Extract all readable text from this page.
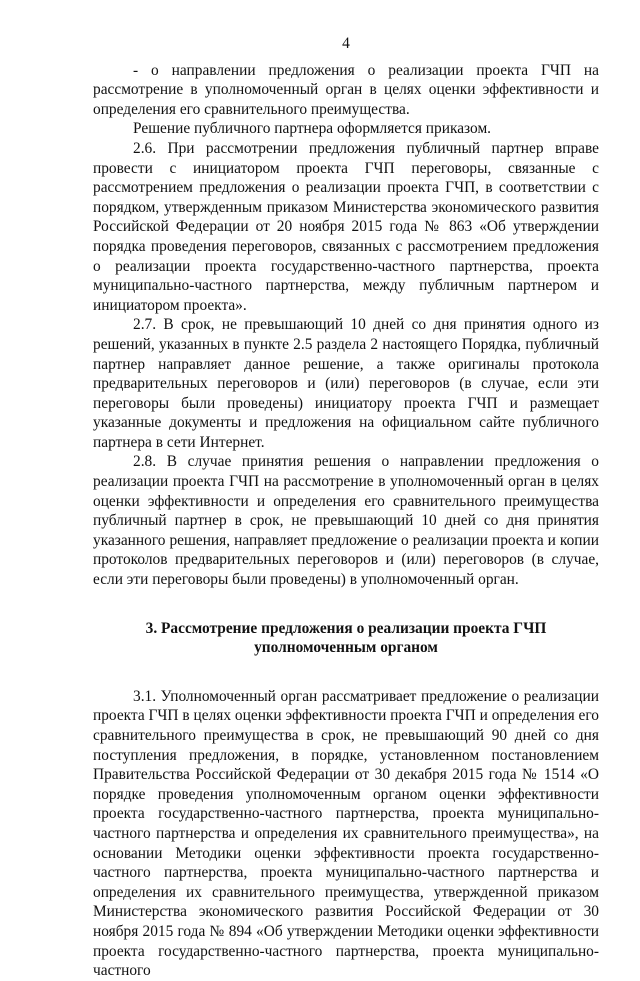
4

- о направлении предложения о реализации проекта ГЧП на рассмотрение в уполномоченный орган в целях оценки эффективности и определения его сравнительного преимущества.

Решение публичного партнера оформляется приказом.

2.6. При рассмотрении предложения публичный партнер вправе провести с инициатором проекта ГЧП переговоры, связанные с рассмотрением предложения о реализации проекта ГЧП, в соответствии с порядком, утвержденным приказом Министерства экономического развития Российской Федерации от 20 ноября 2015 года № 863 «Об утверждении порядка проведения переговоров, связанных с рассмотрением предложения о реализации проекта государственно-частного партнерства, проекта муниципально-частного партнерства, между публичным партнером и инициатором проекта».

2.7. В срок, не превышающий 10 дней со дня принятия одного из решений, указанных в пункте 2.5 раздела 2 настоящего Порядка, публичный партнер направляет данное решение, а также оригиналы протокола предварительных переговоров и (или) переговоров (в случае, если эти переговоры были проведены) инициатору проекта ГЧП и размещает указанные документы и предложения на официальном сайте публичного партнера в сети Интернет.

2.8. В случае принятия решения о направлении предложения о реализации проекта ГЧП на рассмотрение в уполномоченный орган в целях оценки эффективности и определения его сравнительного преимущества публичный партнер в срок, не превышающий 10 дней со дня принятия указанного решения, направляет предложение о реализации проекта и копии протоколов предварительных переговоров и (или) переговоров (в случае, если эти переговоры были проведены) в уполномоченный орган.

3. Рассмотрение предложения о реализации проекта ГЧП уполномоченным органом

3.1. Уполномоченный орган рассматривает предложение о реализации проекта ГЧП в целях оценки эффективности проекта ГЧП и определения его сравнительного преимущества в срок, не превышающий 90 дней со дня поступления предложения, в порядке, установленном постановлением Правительства Российской Федерации от 30 декабря 2015 года № 1514 «О порядке проведения уполномоченным органом оценки эффективности проекта государственно-частного партнерства, проекта муниципально-частного партнерства и определения их сравнительного преимущества», на основании Методики оценки эффективности проекта государственно-частного партнерства, проекта муниципально-частного партнерства и определения их сравнительного преимущества, утвержденной приказом Министерства экономического развития Российской Федерации от 30 ноября 2015 года № 894 «Об утверждении Методики оценки эффективности проекта государственно-частного партнерства, проекта муниципально-частного
